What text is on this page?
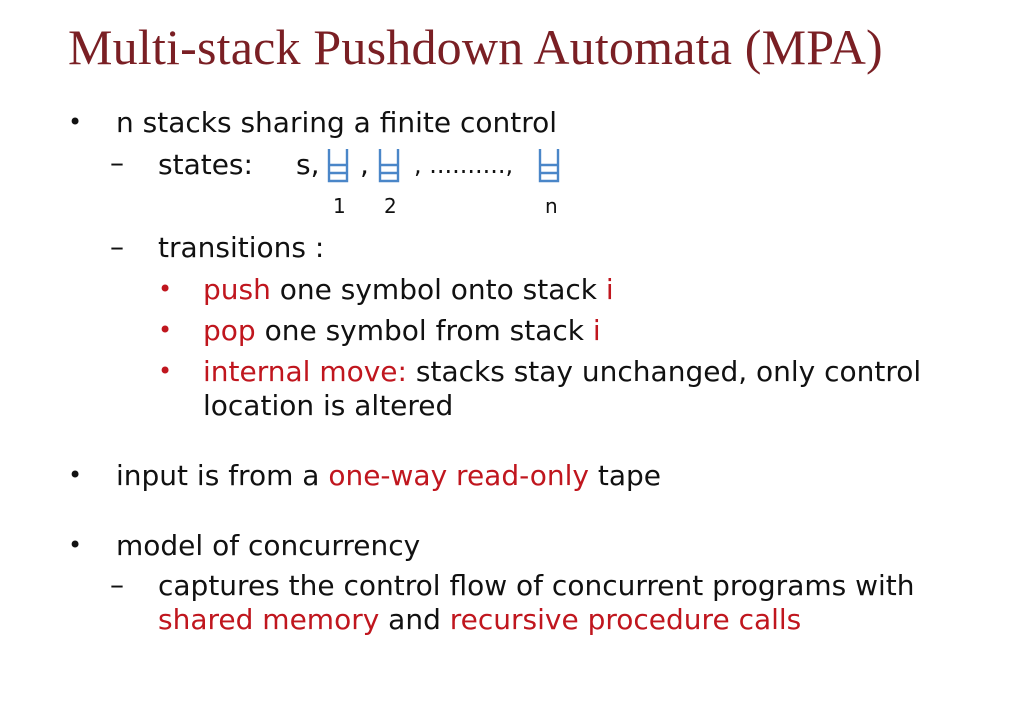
Multi-stack Pushdown Automata (MPA)
• n stacks sharing a finite control
– states: s, , , ..........,
1 2	n
– transitions :
• push one symbol onto stack i
• pop one symbol from stack i
• internal move: stacks stay unchanged, only control
location is altered
• input is from a one-way read-only tape
• model of concurrency
– captures the control flow of concurrent programs with
shared memory and recursive procedure calls
